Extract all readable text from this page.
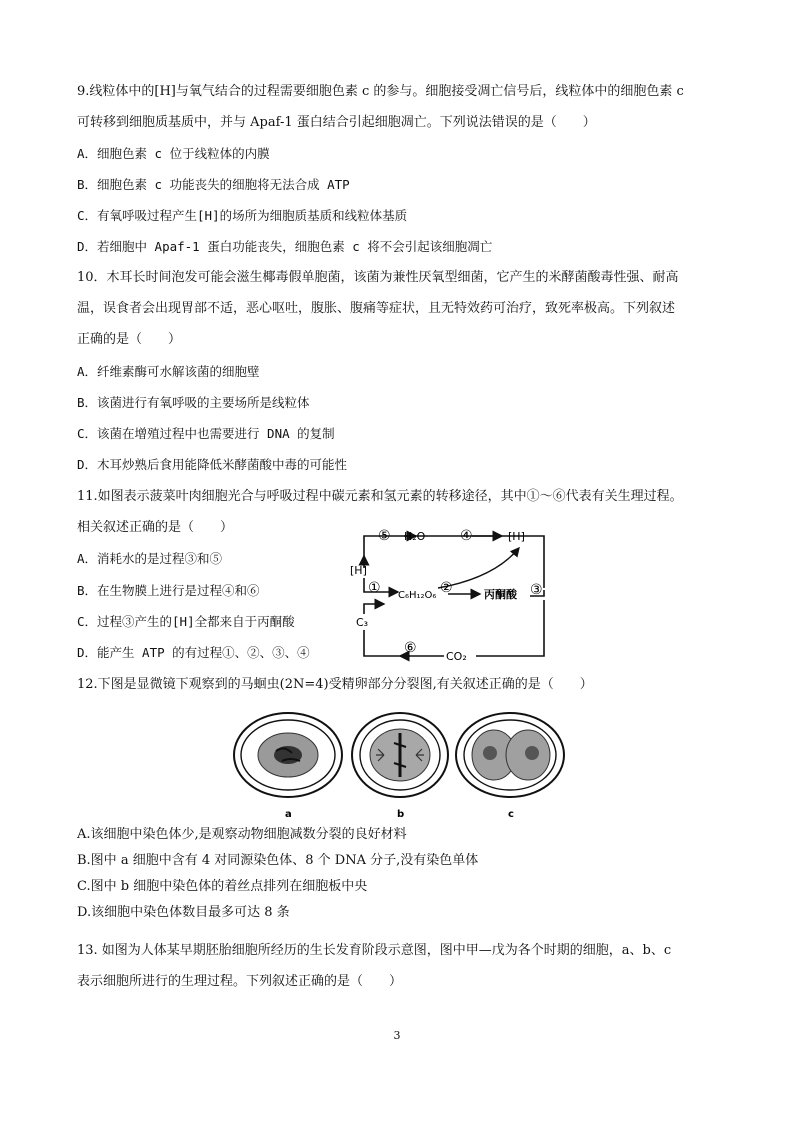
9.线粒体中的[H]与氧气结合的过程需要细胞色素 c 的参与。细胞接受凋亡信号后，线粒体中的细胞色素 c
可转移到细胞质基质中，并与 Apaf-1 蛋白结合引起细胞凋亡。下列说法错误的是（　　）
A．细胞色素 c 位于线粒体的内膜
B．细胞色素 c 功能丧失的细胞将无法合成 ATP
C．有氧呼吸过程产生[H]的场所为细胞质基质和线粒体基质
D．若细胞中 Apaf-1 蛋白功能丧失，细胞色素 c 将不会引起该细胞凋亡
10．木耳长时间泡发可能会滋生椰毒假单胞菌，该菌为兼性厌氧型细菌，它产生的米酵菌酸毒性强、耐高
温，误食者会出现胃部不适，恶心呕吐，腹胀、腹痛等症状，且无特效药可治疗，致死率极高。下列叙述
正确的是（　　）
A．纤维素酶可水解该菌的细胞壁
B．该菌进行有氧呼吸的主要场所是线粒体
C．该菌在增殖过程中也需要进行 DNA 的复制
D．木耳炒熟后食用能降低米酵菌酸中毒的可能性
11.如图表示菠菜叶肉细胞光合与呼吸过程中碳元素和氢元素的转移途径，其中①～⑥代表有关生理过程。
相关叙述正确的是（　　）
A．消耗水的是过程③和⑤
B．在生物膜上进行是过程④和⑥
C．过程③产生的[H]全都来自于丙酮酸
D．能产生 ATP 的有过程①、②、③、④
⑤	④
①	②	③
⑥
H₂O	[H]
[H]
C₆H₁₂O₆	丙酮酸
C₃
CO₂
12.下图是显微镜下观察到的马蛔虫(2N=4)受精卵部分分裂图,有关叙述正确的是（　　）
a	b	c
A.该细胞中染色体少,是观察动物细胞减数分裂的良好材料
B.图中 a 细胞中含有 4 对同源染色体、8 个 DNA 分子,没有染色单体
C.图中 b 细胞中染色体的着丝点排列在细胞板中央
D.该细胞中染色体数目最多可达 8 条
13. 如图为人体某早期胚胎细胞所经历的生长发育阶段示意图，图中甲—戊为各个时期的细胞，a、b、c
表示细胞所进行的生理过程。下列叙述正确的是（　　）
3
